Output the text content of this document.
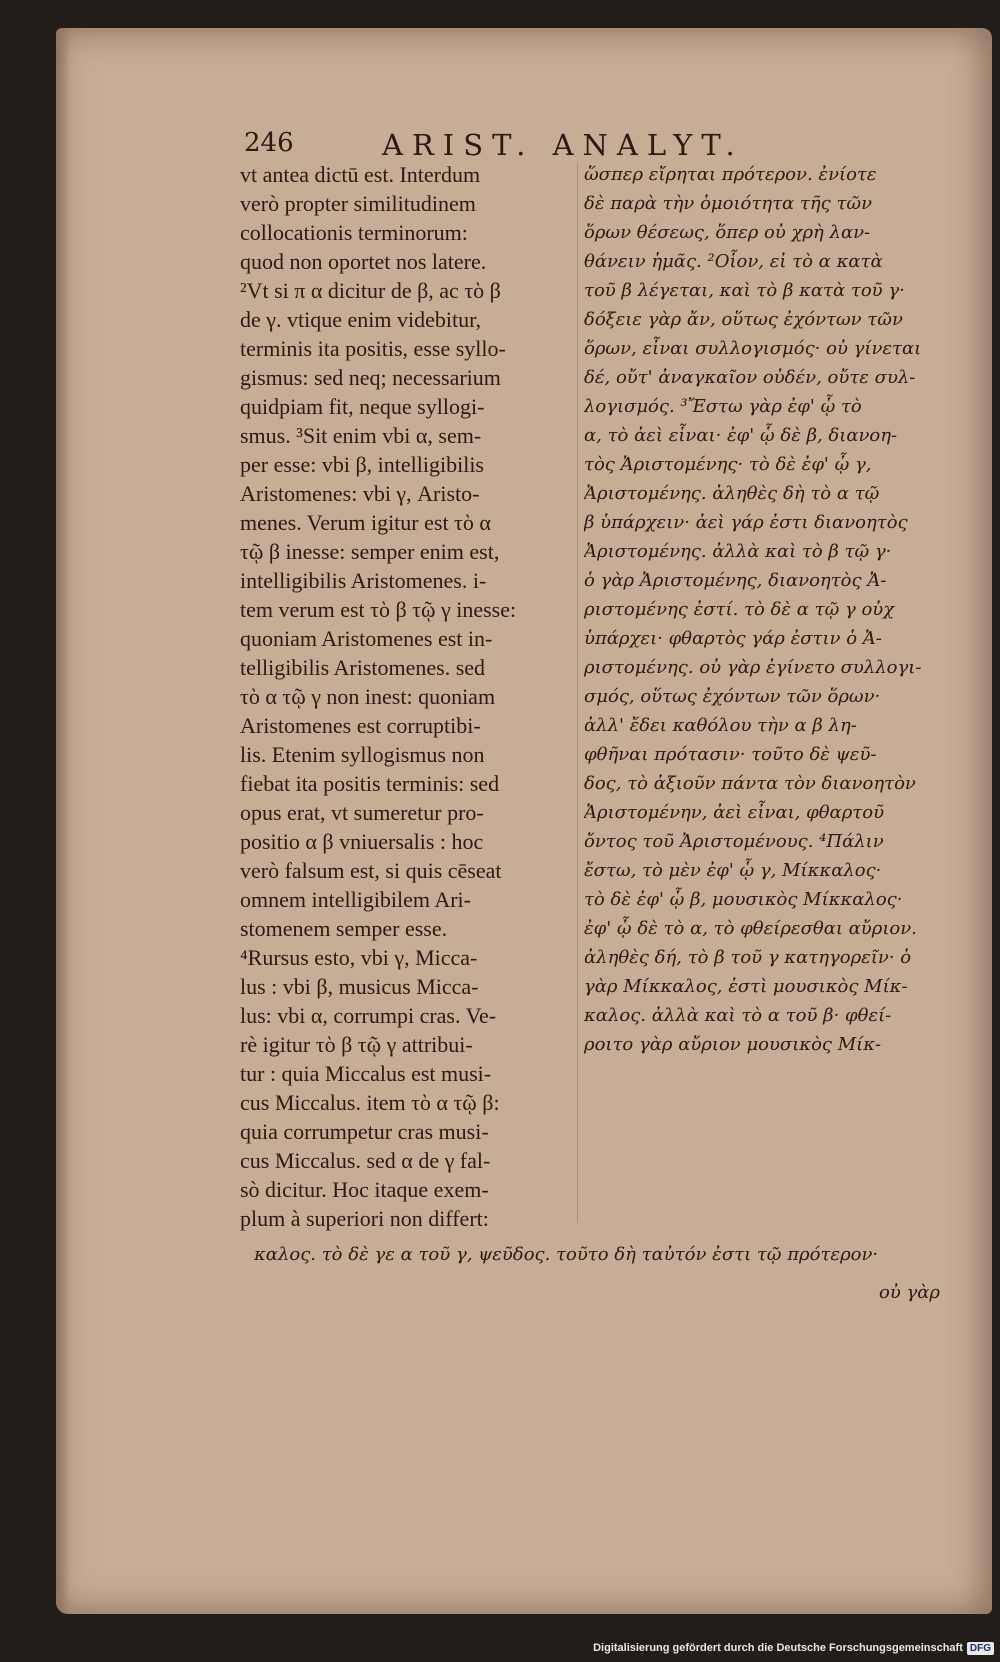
246	ARIST. ANALYT.
vt antea dictū est. Interdum
verò propter similitudinem
collocationis terminorum:
quod non oportet nos latere.
²Vt si π α dicitur de β, ac τὸ β
de γ. vtique enim videbitur,
terminis ita positis, esse syllo-
gismus: sed neq; necessarium
quidpiam fit, neque syllogi-
smus. ³Sit enim vbi α, sem-
per esse: vbi β, intelligibilis
Aristomenes: vbi γ, Aristo-
menes. Verum igitur est τὸ α
τῷ β inesse: semper enim est,
intelligibilis Aristomenes. i-
tem verum est τὸ β τῷ γ inesse:
quoniam Aristomenes est in-
telligibilis Aristomenes. sed
τὸ α τῷ γ non inest: quoniam
Aristomenes est corruptibi-
lis. Etenim syllogismus non
fiebat ita positis terminis: sed
opus erat, vt sumeretur pro-
positio α β vniuersalis : hoc
verò falsum est, si quis cēseat
omnem intelligibilem Ari-
stomenem semper esse.
⁴Rursus esto, vbi γ, Micca-
lus : vbi β, musicus Micca-
lus: vbi α, corrumpi cras. Ve-
rè igitur τὸ β τῷ γ attribui-
tur : quia Miccalus est musi-
cus Miccalus. item τὸ α τῷ β:
quia corrumpetur cras musi-
cus Miccalus. sed α de γ fal-
sò dicitur. Hoc itaque exem-
plum à superiori non differt:
ὥσπερ εἴρηται πρότερον. ἐνίοτε
δὲ παρὰ τὴν ὁμοιότητα τῆς τῶν
ὅρων θέσεως, ὅπερ οὐ χρὴ λαν-
θάνειν ἡμᾶς. ²Οἷον, εἰ τὸ α κατὰ
τοῦ β λέγεται, καὶ τὸ β κατὰ τοῦ γ·
δόξειε γὰρ ἄν, οὕτως ἐχόντων τῶν
ὅρων, εἶναι συλλογισμός· οὐ γίνεται
δέ, οὔτ' ἀναγκαῖον οὐδέν, οὔτε συλ-
λογισμός. ³Ἔστω γὰρ ἐφ' ᾧ τὸ
α, τὸ ἀεὶ εἶναι· ἐφ' ᾧ δὲ β, διανοη-
τὸς Ἀριστομένης· τὸ δὲ ἐφ' ᾧ γ,
Ἀριστομένης. ἀληθὲς δὴ τὸ α τῷ
β ὑπάρχειν· ἀεὶ γάρ ἐστι διανοητὸς
Ἀριστομένης. ἀλλὰ καὶ τὸ β τῷ γ·
ὁ γὰρ Ἀριστομένης, διανοητὸς Ἀ-
ριστομένης ἐστί. τὸ δὲ α τῷ γ οὐχ
ὑπάρχει· φθαρτὸς γάρ ἐστιν ὁ Ἀ-
ριστομένης. οὐ γὰρ ἐγίνετο συλλογι-
σμός, οὕτως ἐχόντων τῶν ὅρων·
ἀλλ' ἔδει καθόλου τὴν α β λη-
φθῆναι πρότασιν· τοῦτο δὲ ψεῦ-
δος, τὸ ἀξιοῦν πάντα τὸν διανοητὸν
Ἀριστομένην, ἀεὶ εἶναι, φθαρτοῦ
ὄντος τοῦ Ἀριστομένους. ⁴Πάλιν
ἔστω, τὸ μὲν ἐφ' ᾧ γ, Μίκκαλος·
τὸ δὲ ἐφ' ᾧ β, μουσικὸς Μίκκαλος·
ἐφ' ᾧ δὲ τὸ α, τὸ φθείρεσθαι αὔριον.
ἀληθὲς δή, τὸ β τοῦ γ κατηγορεῖν· ὁ
γὰρ Μίκκαλος, ἐστὶ μουσικὸς Μίκ-
καλος. ἀλλὰ καὶ τὸ α τοῦ β· φθεί-
ροιτο γὰρ αὔριον μουσικὸς Μίκ-
καλος. τὸ δὲ γε α τοῦ γ, ψεῦδος. τοῦτο δὴ ταὐτόν ἐστι τῷ πρότερον·
οὐ γὰρ
Digitalisierung gefördert durch die Deutsche Forschungsgemeinschaft DFG
